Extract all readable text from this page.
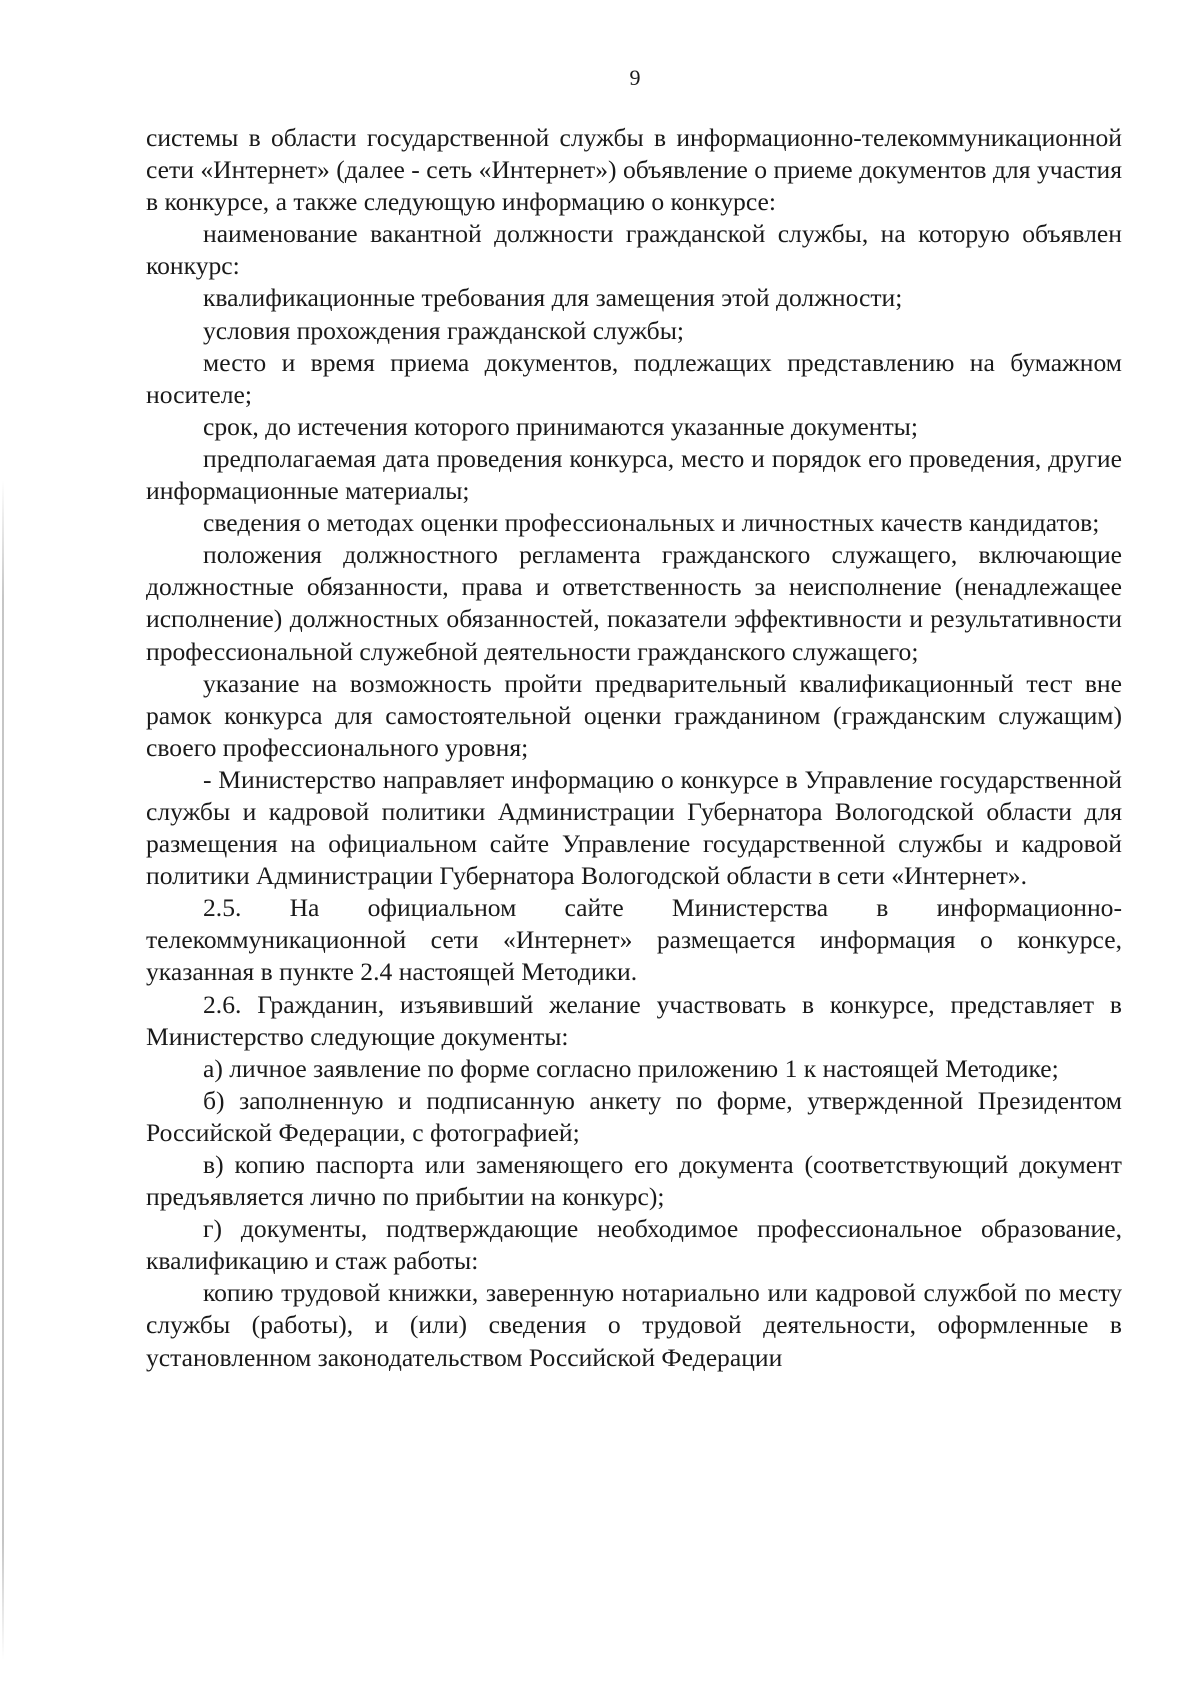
9

системы в области государственной службы в информационно-телекоммуникационной сети «Интернет» (далее - сеть «Интернет») объявление о приеме документов для участия в конкурсе, а также следующую информацию о конкурсе:

наименование вакантной должности гражданской службы, на которую объявлен конкурс:

квалификационные требования для замещения этой должности;

условия прохождения гражданской службы;

место и время приема документов, подлежащих представлению на бумажном носителе;

срок, до истечения которого принимаются указанные документы;

предполагаемая дата проведения конкурса, место и порядок его проведения, другие информационные материалы;

сведения о методах оценки профессиональных и личностных качеств кандидатов;

положения должностного регламента гражданского служащего, включающие должностные обязанности, права и ответственность за неисполнение (ненадлежащее исполнение) должностных обязанностей, показатели эффективности и результативности профессиональной служебной деятельности гражданского служащего;

указание на возможность пройти предварительный квалификационный тест вне рамок конкурса для самостоятельной оценки гражданином (гражданским служащим) своего профессионального уровня;

- Министерство направляет информацию о конкурсе в Управление государственной службы и кадровой политики Администрации Губернатора Вологодской области для размещения на официальном сайте Управление государственной службы и кадровой политики Администрации Губернатора Вологодской области в сети «Интернет».

2.5. На официальном сайте Министерства в информационно-телекоммуникационной сети «Интернет» размещается информация о конкурсе, указанная в пункте 2.4 настоящей Методики.

2.6. Гражданин, изъявивший желание участвовать в конкурсе, представляет в Министерство следующие документы:

а) личное заявление по форме согласно приложению 1 к настоящей Методике;

б) заполненную и подписанную анкету по форме, утвержденной Президентом Российской Федерации, с фотографией;

в) копию паспорта или заменяющего его документа (соответствующий документ предъявляется лично по прибытии на конкурс);

г) документы, подтверждающие необходимое профессиональное образование, квалификацию и стаж работы:

копию трудовой книжки, заверенную нотариально или кадровой службой по месту службы (работы), и (или) сведения о трудовой деятельности, оформленные в установленном законодательством Российской Федерации
